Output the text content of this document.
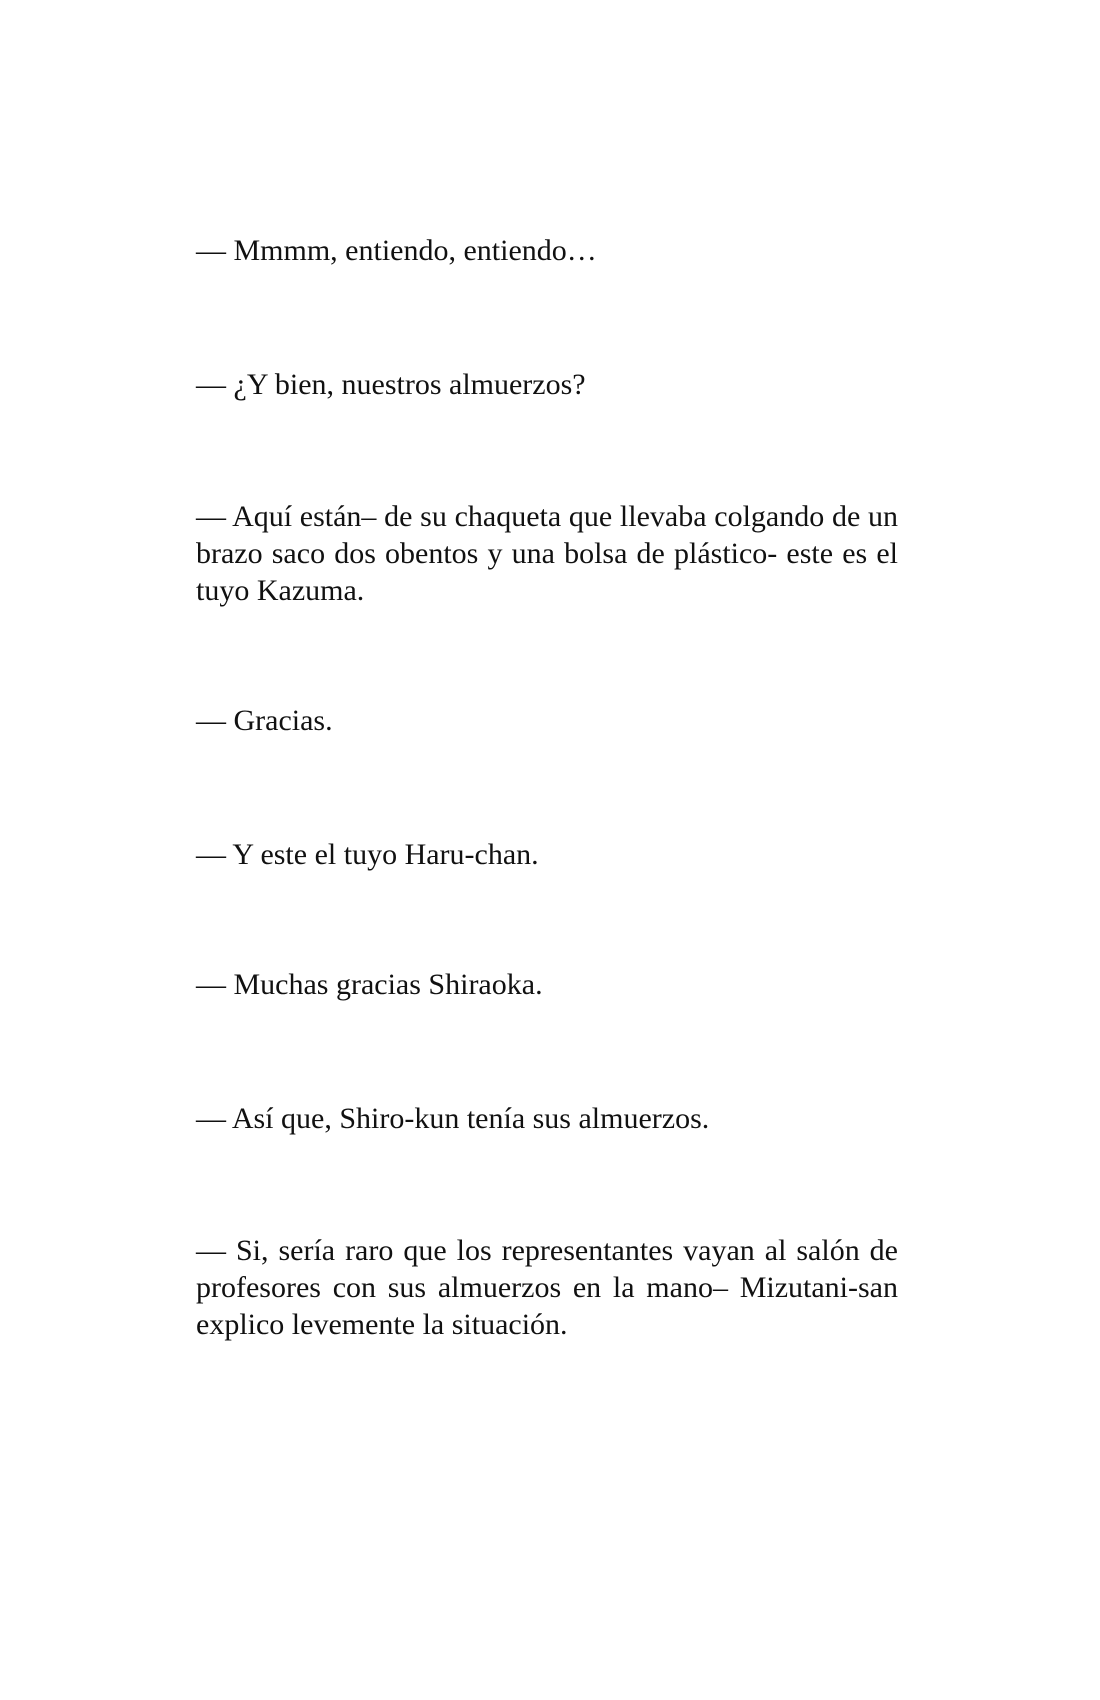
— Mmmm, entiendo, entiendo…

— ¿Y bien, nuestros almuerzos?

— Aquí están– de su chaqueta que llevaba colgando de un brazo saco dos obentos y una bolsa de plástico- este es el tuyo Kazuma.

— Gracias.

— Y este el tuyo Haru-chan.

— Muchas gracias Shiraoka.

— Así que, Shiro-kun tenía sus almuerzos.

— Si, sería raro que los representantes vayan al salón de profesores con sus almuerzos en la mano– Mizutani-san explico levemente la situación.
